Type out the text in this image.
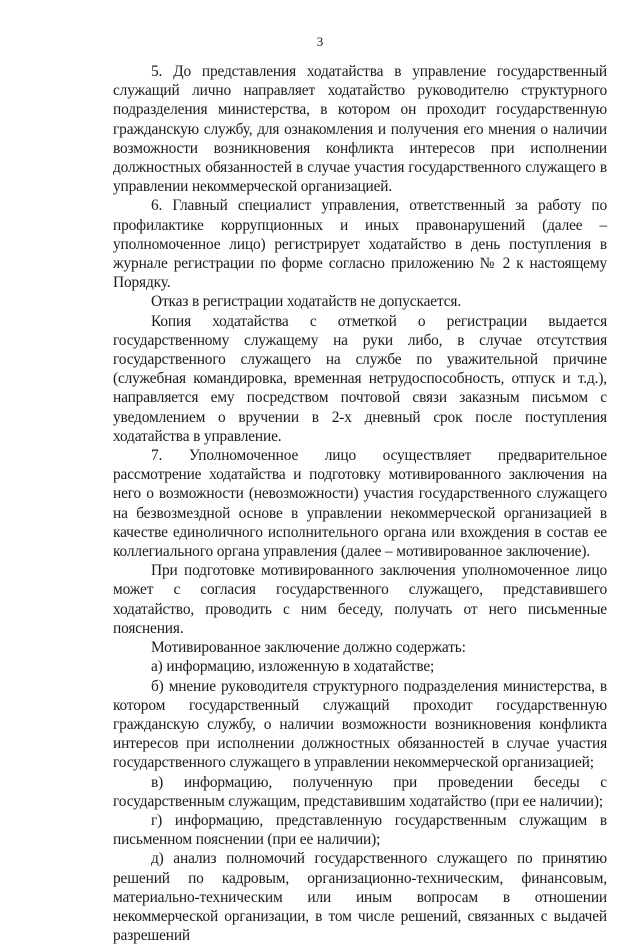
3

5. До представления ходатайства в управление государственный служащий лично направляет ходатайство руководителю структурного подразделения министерства, в котором он проходит государственную гражданскую службу, для ознакомления и получения его мнения о наличии возможности возникновения конфликта интересов при исполнении должностных обязанностей в случае участия государственного служащего в управлении некоммерческой организацией.

6. Главный специалист управления, ответственный за работу по профилактике коррупционных и иных правонарушений (далее – уполномоченное лицо) регистрирует ходатайство в день поступления в журнале регистрации по форме согласно приложению № 2 к настоящему Порядку.

Отказ в регистрации ходатайств не допускается.

Копия ходатайства с отметкой о регистрации выдается государственному служащему на руки либо, в случае отсутствия государственного служащего на службе по уважительной причине (служебная командировка, временная нетрудоспособность, отпуск и т.д.), направляется ему посредством почтовой связи заказным письмом с уведомлением о вручении в 2-х дневный срок после поступления ходатайства в управление.

7. Уполномоченное лицо осуществляет предварительное рассмотрение ходатайства и подготовку мотивированного заключения на него о возможности (невозможности) участия государственного служащего на безвозмездной основе в управлении некоммерческой организацией в качестве единоличного исполнительного органа или вхождения в состав ее коллегиального органа управления (далее – мотивированное заключение).

При подготовке мотивированного заключения уполномоченное лицо может с согласия государственного служащего, представившего ходатайство, проводить с ним беседу, получать от него письменные пояснения.

Мотивированное заключение должно содержать:

а) информацию, изложенную в ходатайстве;

б) мнение руководителя структурного подразделения министерства, в котором государственный служащий проходит государственную гражданскую службу, о наличии возможности возникновения конфликта интересов при исполнении должностных обязанностей в случае участия государственного служащего в управлении некоммерческой организацией;

в) информацию, полученную при проведении беседы с государственным служащим, представившим ходатайство (при ее наличии);

г) информацию, представленную государственным служащим в письменном пояснении (при ее наличии);

д) анализ полномочий государственного служащего по принятию решений по кадровым, организационно-техническим, финансовым, материально-техническим или иным вопросам в отношении некоммерческой организации, в том числе решений, связанных с выдачей разрешений
